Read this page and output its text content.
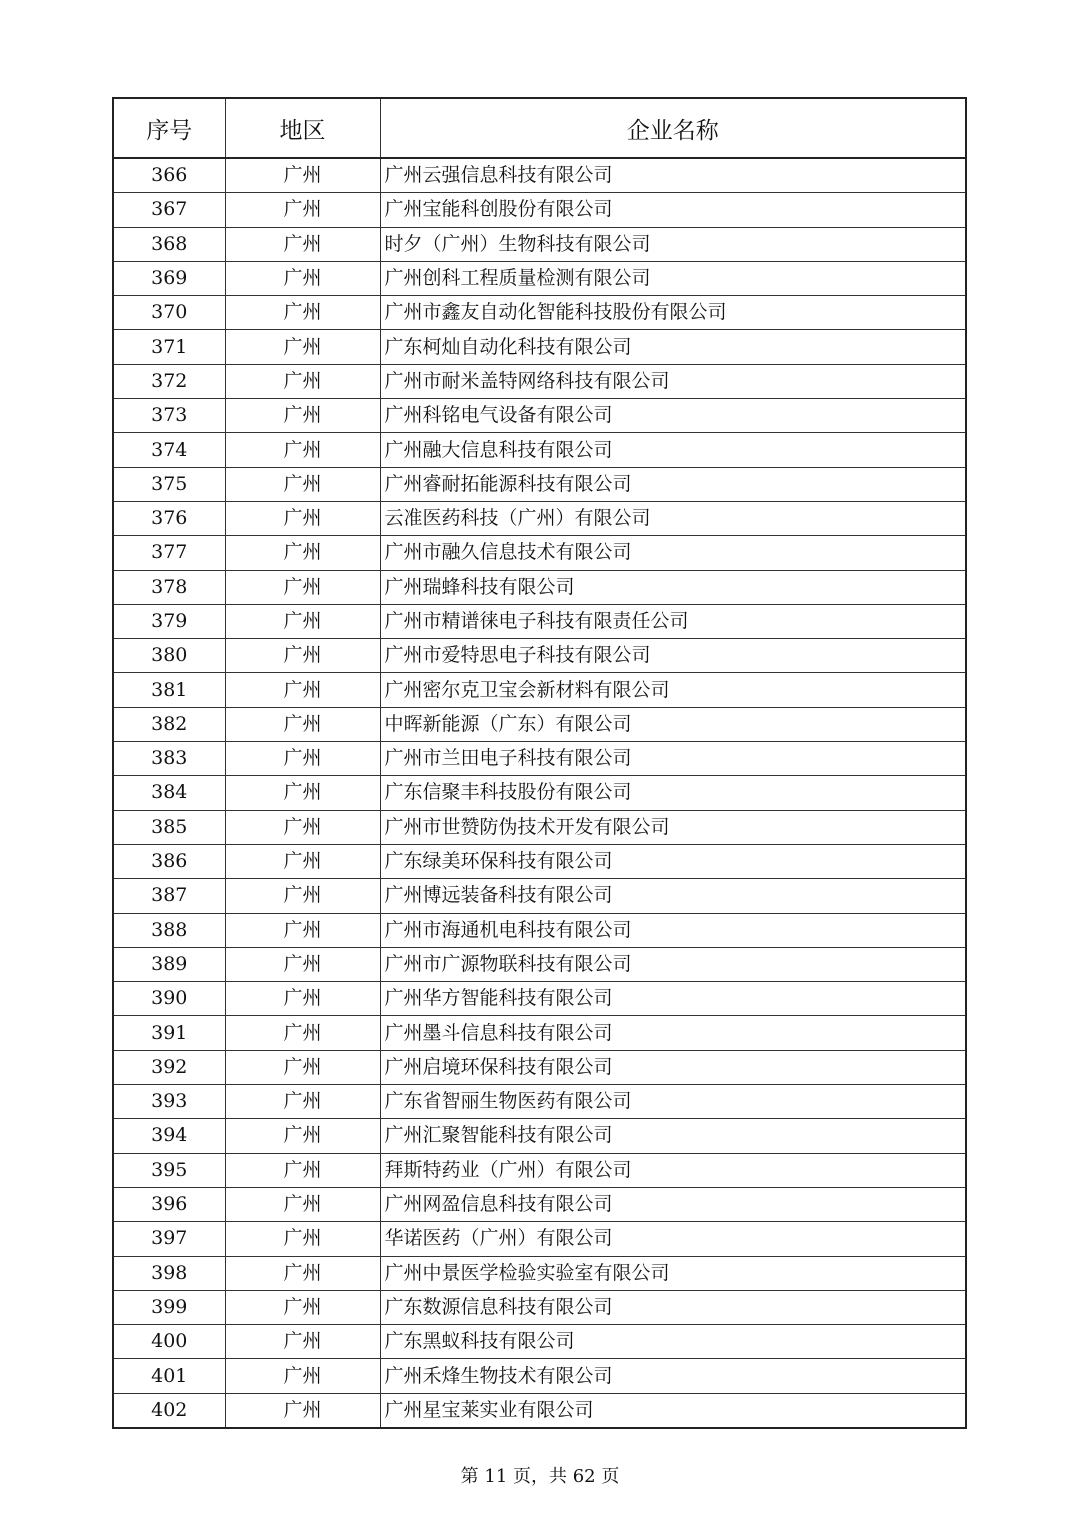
序号	地区	企业名称
366	广州	广州云强信息科技有限公司
367	广州	广州宝能科创股份有限公司
368	广州	时夕（广州）生物科技有限公司
369	广州	广州创科工程质量检测有限公司
370	广州	广州市鑫友自动化智能科技股份有限公司
371	广州	广东柯灿自动化科技有限公司
372	广州	广州市耐米盖特网络科技有限公司
373	广州	广州科铭电气设备有限公司
374	广州	广州融大信息科技有限公司
375	广州	广州睿耐拓能源科技有限公司
376	广州	云准医药科技（广州）有限公司
377	广州	广州市融久信息技术有限公司
378	广州	广州瑞蜂科技有限公司
379	广州	广州市精谱徕电子科技有限责任公司
380	广州	广州市爱特思电子科技有限公司
381	广州	广州密尔克卫宝会新材料有限公司
382	广州	中晖新能源（广东）有限公司
383	广州	广州市兰田电子科技有限公司
384	广州	广东信聚丰科技股份有限公司
385	广州	广州市世赞防伪技术开发有限公司
386	广州	广东绿美环保科技有限公司
387	广州	广州博远装备科技有限公司
388	广州	广州市海通机电科技有限公司
389	广州	广州市广源物联科技有限公司
390	广州	广州华方智能科技有限公司
391	广州	广州墨斗信息科技有限公司
392	广州	广州启境环保科技有限公司
393	广州	广东省智丽生物医药有限公司
394	广州	广州汇聚智能科技有限公司
395	广州	拜斯特药业（广州）有限公司
396	广州	广州网盈信息科技有限公司
397	广州	华诺医药（广州）有限公司
398	广州	广州中景医学检验实验室有限公司
399	广州	广东数源信息科技有限公司
400	广州	广东黑蚁科技有限公司
401	广州	广州禾烽生物技术有限公司
402	广州	广州星宝莱实业有限公司
第 11 页，共 62 页
